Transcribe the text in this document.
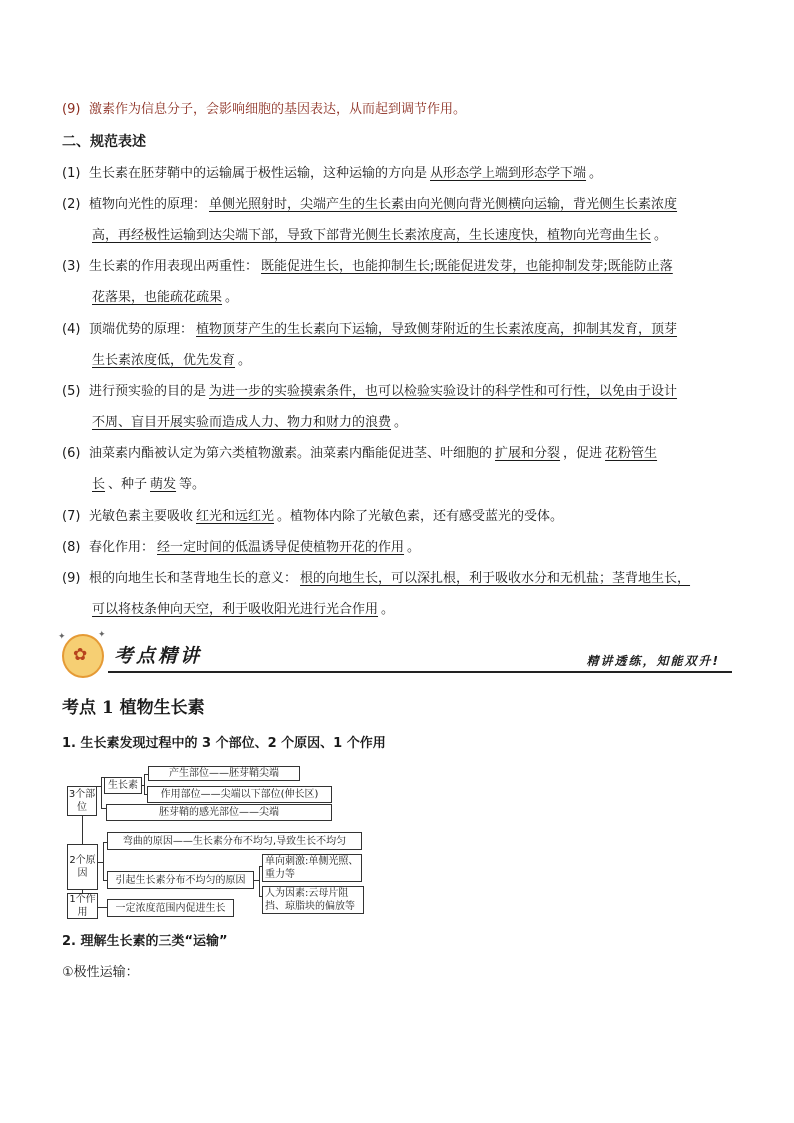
(9) 激素作为信息分子，会影响细胞的基因表达，从而起到调节作用。
二、规范表述
(1) 生长素在胚芽鞘中的运输属于极性运输，这种运输的方向是 从形态学上端到形态学下端 。
(2) 植物向光性的原理： 单侧光照射时，尖端产生的生长素由向光侧向背光侧横向运输，背光侧生长素浓度
高，再经极性运输到达尖端下部，导致下部背光侧生长素浓度高，生长速度快，植物向光弯曲生长 。
(3) 生长素的作用表现出两重性： 既能促进生长，也能抑制生长;既能促进发芽，也能抑制发芽;既能防止落
花落果，也能疏花疏果 。
(4) 顶端优势的原理： 植物顶芽产生的生长素向下运输，导致侧芽附近的生长素浓度高，抑制其发育，顶芽
生长素浓度低，优先发育 。
(5) 进行预实验的目的是 为进一步的实验摸索条件，也可以检验实验设计的科学性和可行性，以免由于设计
不周、盲目开展实验而造成人力、物力和财力的浪费 。
(6) 油菜素内酯被认定为第六类植物激素。油菜素内酯能促进茎、叶细胞的 扩展和分裂 ，促进 花粉管生
长 、种子 萌发 等。
(7) 光敏色素主要吸收 红光和远红光 。植物体内除了光敏色素，还有感受蓝光的受体。
(8) 春化作用： 经一定时间的低温诱导促使植物开花的作用 。
(9) 根的向地生长和茎背地生长的意义： 根的向地生长，可以深扎根，利于吸收水分和无机盐；茎背地生长，
可以将枝条伸向天空，利于吸收阳光进行光合作用 。
✦	✦
✿ 考点精讲	精讲透练，知能双升!
考点 1 植物生长素
1. 生长素发现过程中的 3 个部位、2 个原因、1 个作用
3个部位
生长素
产生部位——胚芽鞘尖端
作用部位——尖端以下部位(伸长区)
胚芽鞘的感光部位——尖端
2个原因
弯曲的原因——生长素分布不均匀,导致生长不均匀
引起生长素分布不均匀的原因
单向刺激:单侧光照、重力等
人为因素:云母片阻挡、琼脂块的偏放等
1个作用	一定浓度范围内促进生长
2. 理解生长素的三类“运输”
①极性运输：
